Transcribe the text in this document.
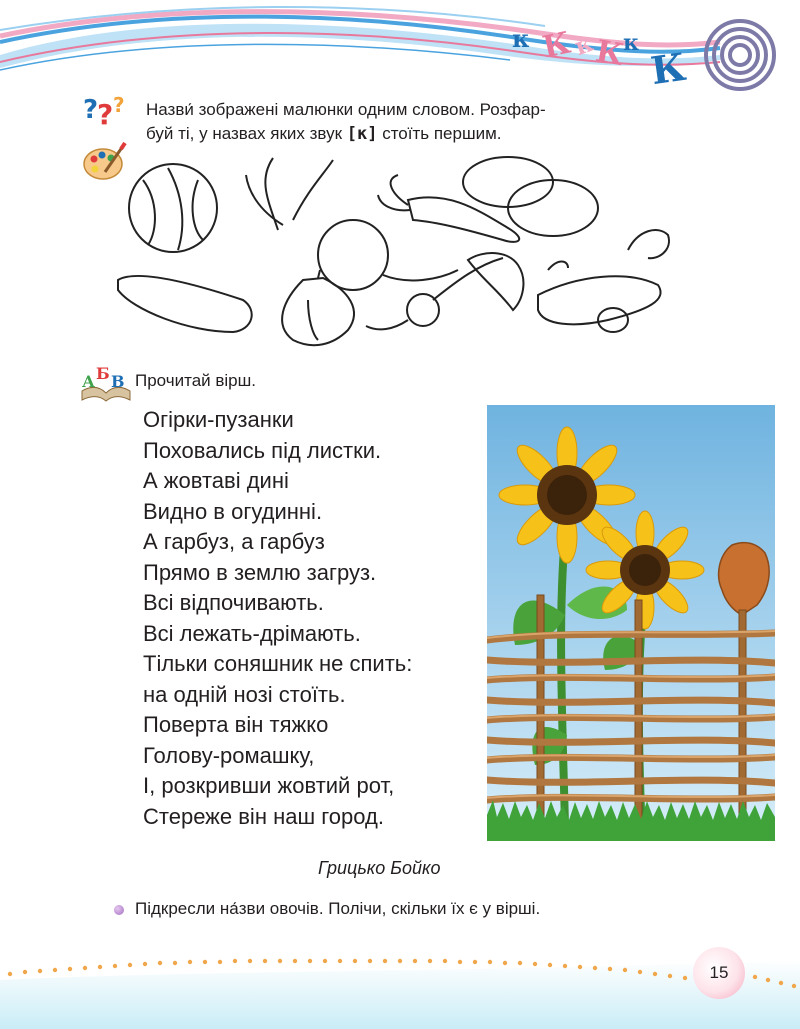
к К
к
К
к
К
?
? ? Назви́ зображені малюнки одним словом. Розфар-
буй ті, у назвах яких звук [к] стоїть першим.
А Б В Прочитай вірш.
Огірки-пузанки
Поховались під листки.
А жовтаві дині
Видно в огудинні.
А гарбуз, а гарбуз
Прямо в землю загруз.
Всі відпочивають.
Всі лежать-дрімають.
Тільки соняшник не спить:
на одній нозі стоїть.
Поверта він тяжко
Голову-ромашку,
І, розкривши жовтий рот,
Стереже він наш город.
Грицько Бойко
Підкресли на́зви овочів. Полічи, скільки їх є у вірші.
15
